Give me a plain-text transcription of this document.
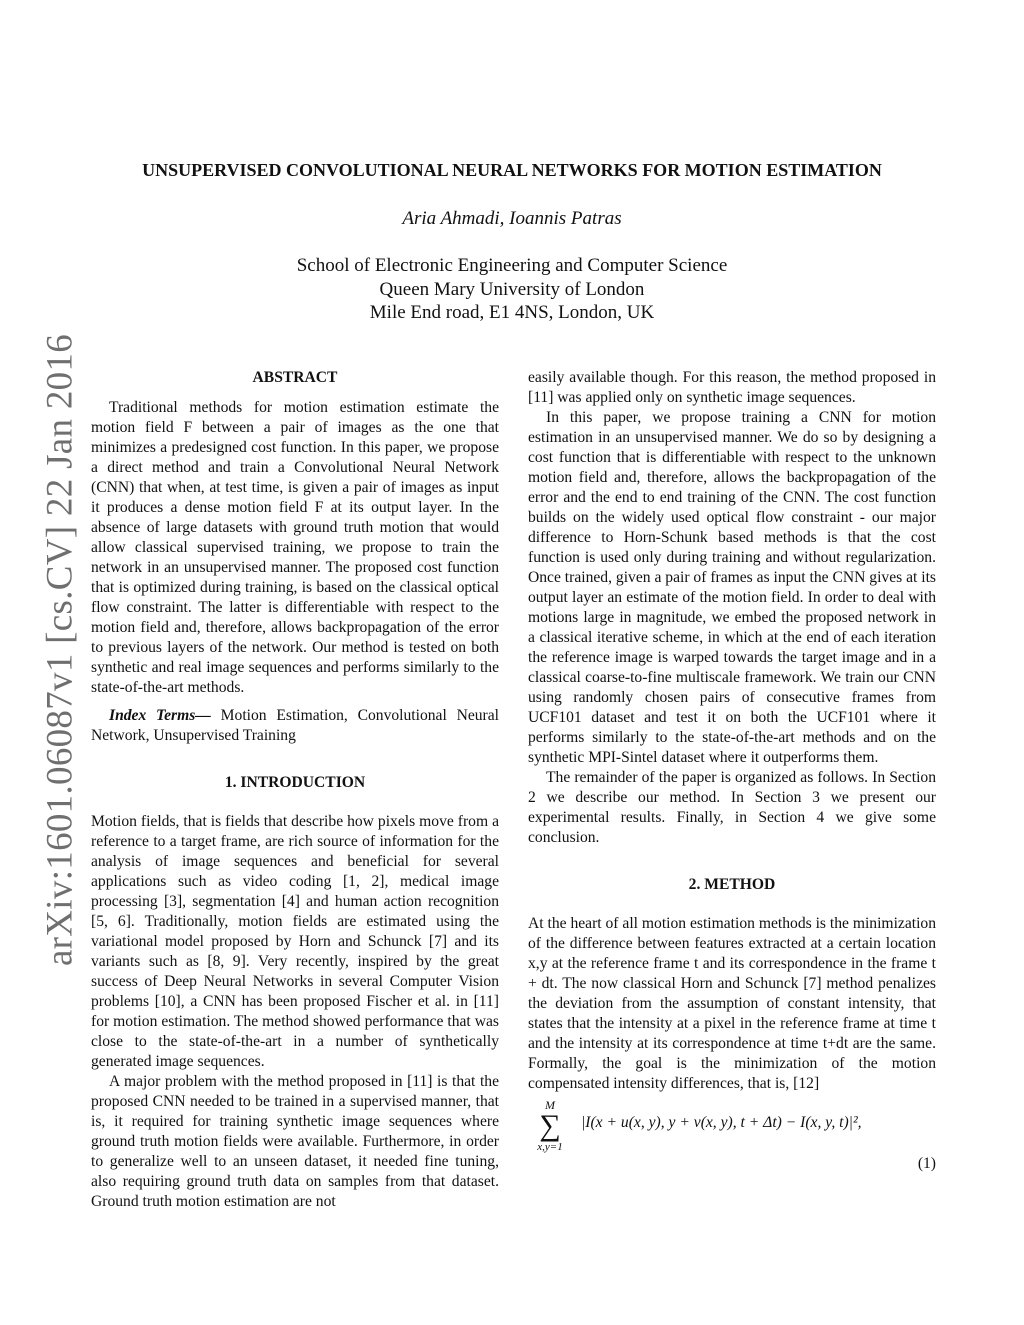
arXiv:1601.06087v1 [cs.CV] 22 Jan 2016
UNSUPERVISED CONVOLUTIONAL NEURAL NETWORKS FOR MOTION ESTIMATION
Aria Ahmadi, Ioannis Patras
School of Electronic Engineering and Computer Science
Queen Mary University of London
Mile End road, E1 4NS, London, UK
ABSTRACT

Traditional methods for motion estimation estimate the motion field F between a pair of images as the one that minimizes a predesigned cost function. In this paper, we propose a direct method and train a Convolutional Neural Network (CNN) that when, at test time, is given a pair of images as input it produces a dense motion field F at its output layer. In the absence of large datasets with ground truth motion that would allow classical supervised training, we propose to train the network in an unsupervised manner. The proposed cost function that is optimized during training, is based on the classical optical flow constraint. The latter is differentiable with respect to the motion field and, therefore, allows backpropagation of the error to previous layers of the network. Our method is tested on both synthetic and real image sequences and performs similarly to the state-of-the-art methods.

Index Terms— Motion Estimation, Convolutional Neural Network, Unsupervised Training

1. INTRODUCTION

Motion fields, that is fields that describe how pixels move from a reference to a target frame, are rich source of information for the analysis of image sequences and beneficial for several applications such as video coding [1, 2], medical image processing [3], segmentation [4] and human action recognition [5, 6]. Traditionally, motion fields are estimated using the variational model proposed by Horn and Schunck [7] and its variants such as [8, 9]. Very recently, inspired by the great success of Deep Neural Networks in several Computer Vision problems [10], a CNN has been proposed Fischer et al. in [11] for motion estimation. The method showed performance that was close to the state-of-the-art in a number of synthetically generated image sequences.

A major problem with the method proposed in [11] is that the proposed CNN needed to be trained in a supervised manner, that is, it required for training synthetic image sequences where ground truth motion fields were available. Furthermore, in order to generalize well to an unseen dataset, it needed fine tuning, also requiring ground truth data on samples from that dataset. Ground truth motion estimation are not

easily available though. For this reason, the method proposed in [11] was applied only on synthetic image sequences.

In this paper, we propose training a CNN for motion estimation in an unsupervised manner. We do so by designing a cost function that is differentiable with respect to the unknown motion field and, therefore, allows the backpropagation of the error and the end to end training of the CNN. The cost function builds on the widely used optical flow constraint - our major difference to Horn-Schunk based methods is that the cost function is used only during training and without regularization. Once trained, given a pair of frames as input the CNN gives at its output layer an estimate of the motion field. In order to deal with motions large in magnitude, we embed the proposed network in a classical iterative scheme, in which at the end of each iteration the reference image is warped towards the target image and in a classical coarse-to-fine multiscale framework. We train our CNN using randomly chosen pairs of consecutive frames from UCF101 dataset and test it on both the UCF101 where it performs similarly to the state-of-the-art methods and on the synthetic MPI-Sintel dataset where it outperforms them.

The remainder of the paper is organized as follows. In Section 2 we describe our method. In Section 3 we present our experimental results. Finally, in Section 4 we give some conclusion.

2. METHOD

At the heart of all motion estimation methods is the minimization of the difference between features extracted at a certain location x,y at the reference frame t and its correspondence in the frame t + dt. The now classical Horn and Schunck [7] method penalizes the deviation from the assumption of constant intensity, that states that the intensity at a pixel in the reference frame at time t and the intensity at its correspondence at time t+dt are the same. Formally, the goal is the minimization of the motion compensated intensity differences, that is, [12]

M
∑
x,y=1
|I(x + u(x, y), y + v(x, y), t + Δt) − I(x, y, t)|²,
(1)
